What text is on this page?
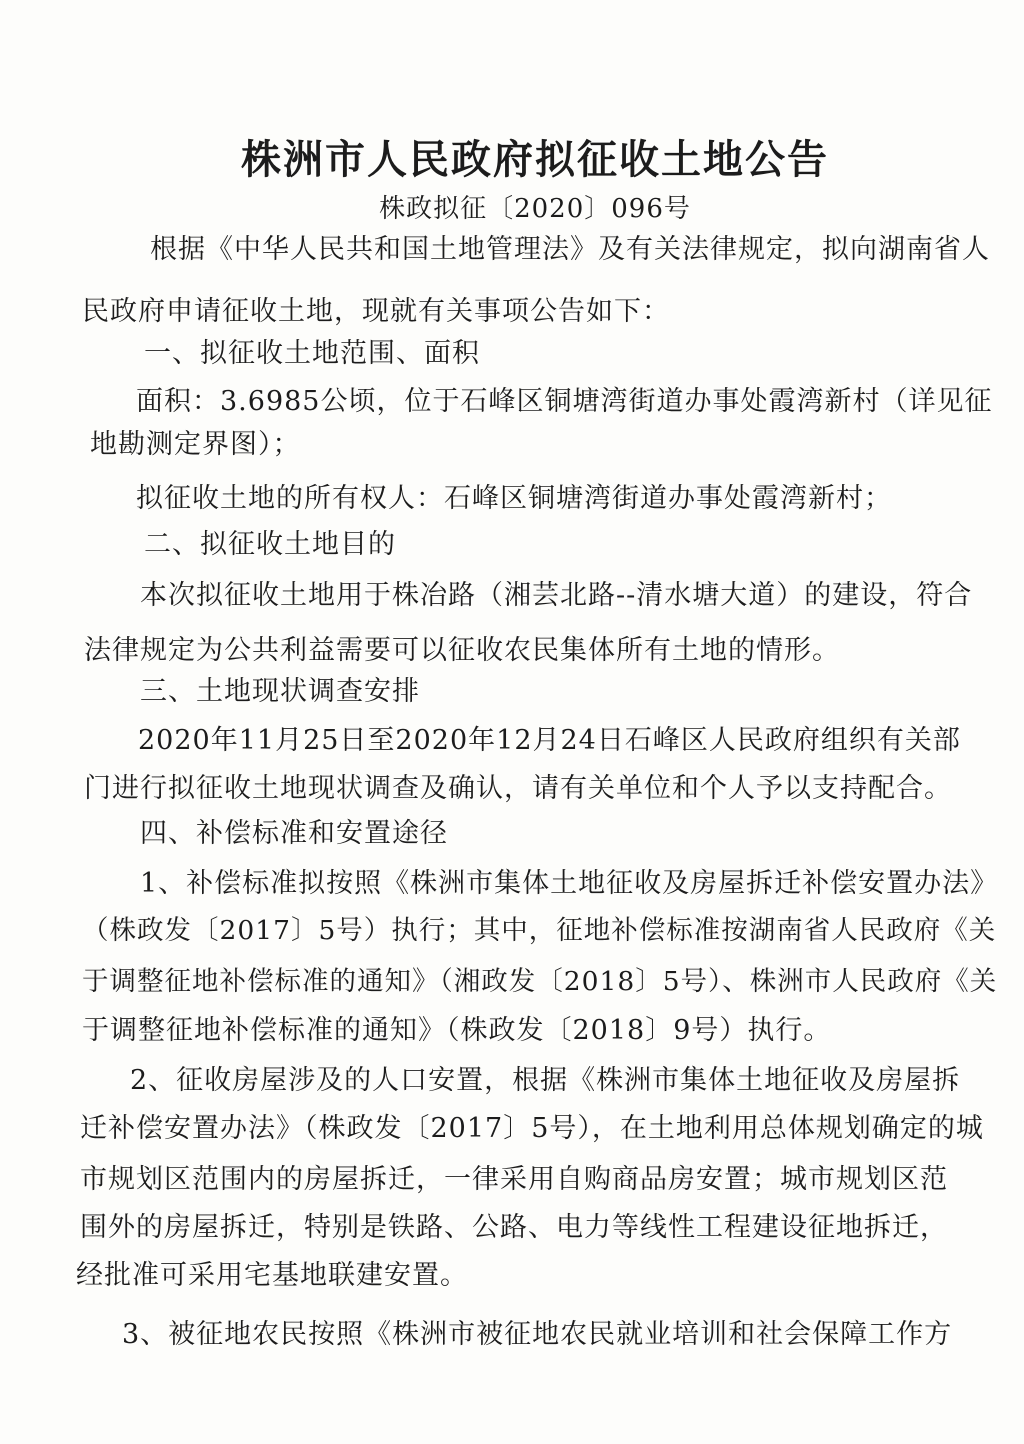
株洲市人民政府拟征收土地公告
株政拟征〔2020〕096号
根据《中华人民共和国土地管理法》及有关法律规定，拟向湖南省人
民政府申请征收土地，现就有关事项公告如下：
一、拟征收土地范围、面积
面积：3.6985公顷，位于石峰区铜塘湾街道办事处霞湾新村（详见征
地勘测定界图）；
拟征收土地的所有权人：石峰区铜塘湾街道办事处霞湾新村；
二、拟征收土地目的
本次拟征收土地用于株冶路（湘芸北路--清水塘大道）的建设，符合
法律规定为公共利益需要可以征收农民集体所有土地的情形。
三、土地现状调查安排
2020年11月25日至2020年12月24日石峰区人民政府组织有关部
门进行拟征收土地现状调查及确认，请有关单位和个人予以支持配合。
四、补偿标准和安置途径
1、补偿标准拟按照《株洲市集体土地征收及房屋拆迁补偿安置办法》
（株政发〔2017〕5号）执行；其中，征地补偿标准按湖南省人民政府《关
于调整征地补偿标准的通知》（湘政发〔2018〕5号）、株洲市人民政府《关
于调整征地补偿标准的通知》（株政发〔2018〕9号）执行。
2、征收房屋涉及的人口安置，根据《株洲市集体土地征收及房屋拆
迁补偿安置办法》（株政发〔2017〕5号），在土地利用总体规划确定的城
市规划区范围内的房屋拆迁，一律采用自购商品房安置；城市规划区范
围外的房屋拆迁，特别是铁路、公路、电力等线性工程建设征地拆迁，
经批准可采用宅基地联建安置。
3、被征地农民按照《株洲市被征地农民就业培训和社会保障工作方
